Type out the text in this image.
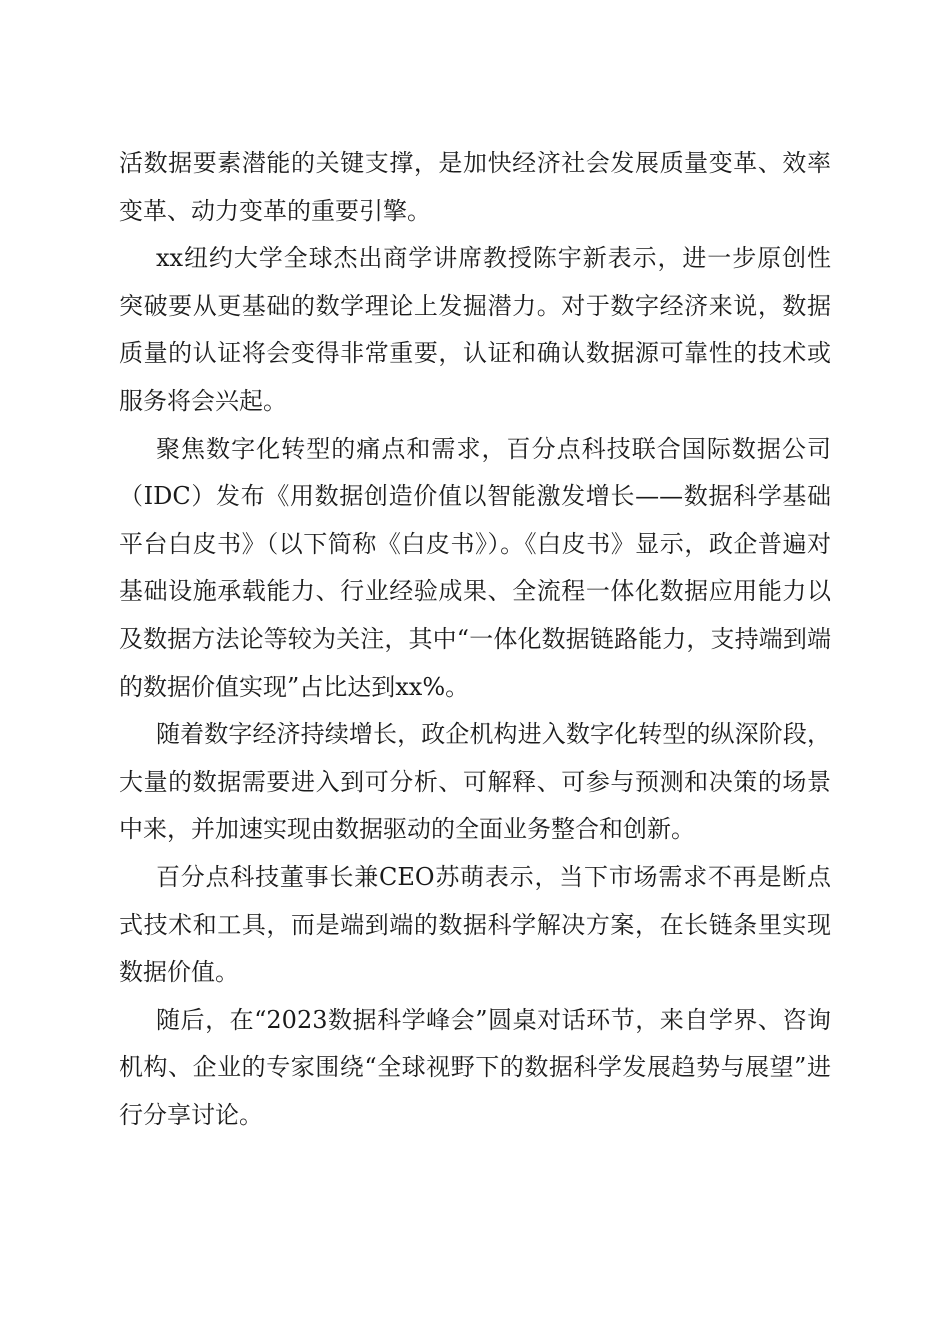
活数据要素潜能的关键支撑，是加快经济社会发展质量变革、效率变革、动力变革的重要引擎。

xx纽约大学全球杰出商学讲席教授陈宇新表示，进一步原创性突破要从更基础的数学理论上发掘潜力。对于数字经济来说，数据质量的认证将会变得非常重要，认证和确认数据源可靠性的技术或服务将会兴起。

聚焦数字化转型的痛点和需求，百分点科技联合国际数据公司（IDC）发布《用数据创造价值以智能激发增长——数据科学基础平台白皮书》（以下简称《白皮书》）。《白皮书》显示，政企普遍对基础设施承载能力、行业经验成果、全流程一体化数据应用能力以及数据方法论等较为关注，其中“一体化数据链路能力，支持端到端的数据价值实现”占比达到xx%。

随着数字经济持续增长，政企机构进入数字化转型的纵深阶段，大量的数据需要进入到可分析、可解释、可参与预测和决策的场景中来，并加速实现由数据驱动的全面业务整合和创新。

百分点科技董事长兼CEO苏萌表示，当下市场需求不再是断点式技术和工具，而是端到端的数据科学解决方案，在长链条里实现数据价值。

随后，在“2023数据科学峰会”圆桌对话环节，来自学界、咨询机构、企业的专家围绕“全球视野下的数据科学发展趋势与展望”进行分享讨论。
